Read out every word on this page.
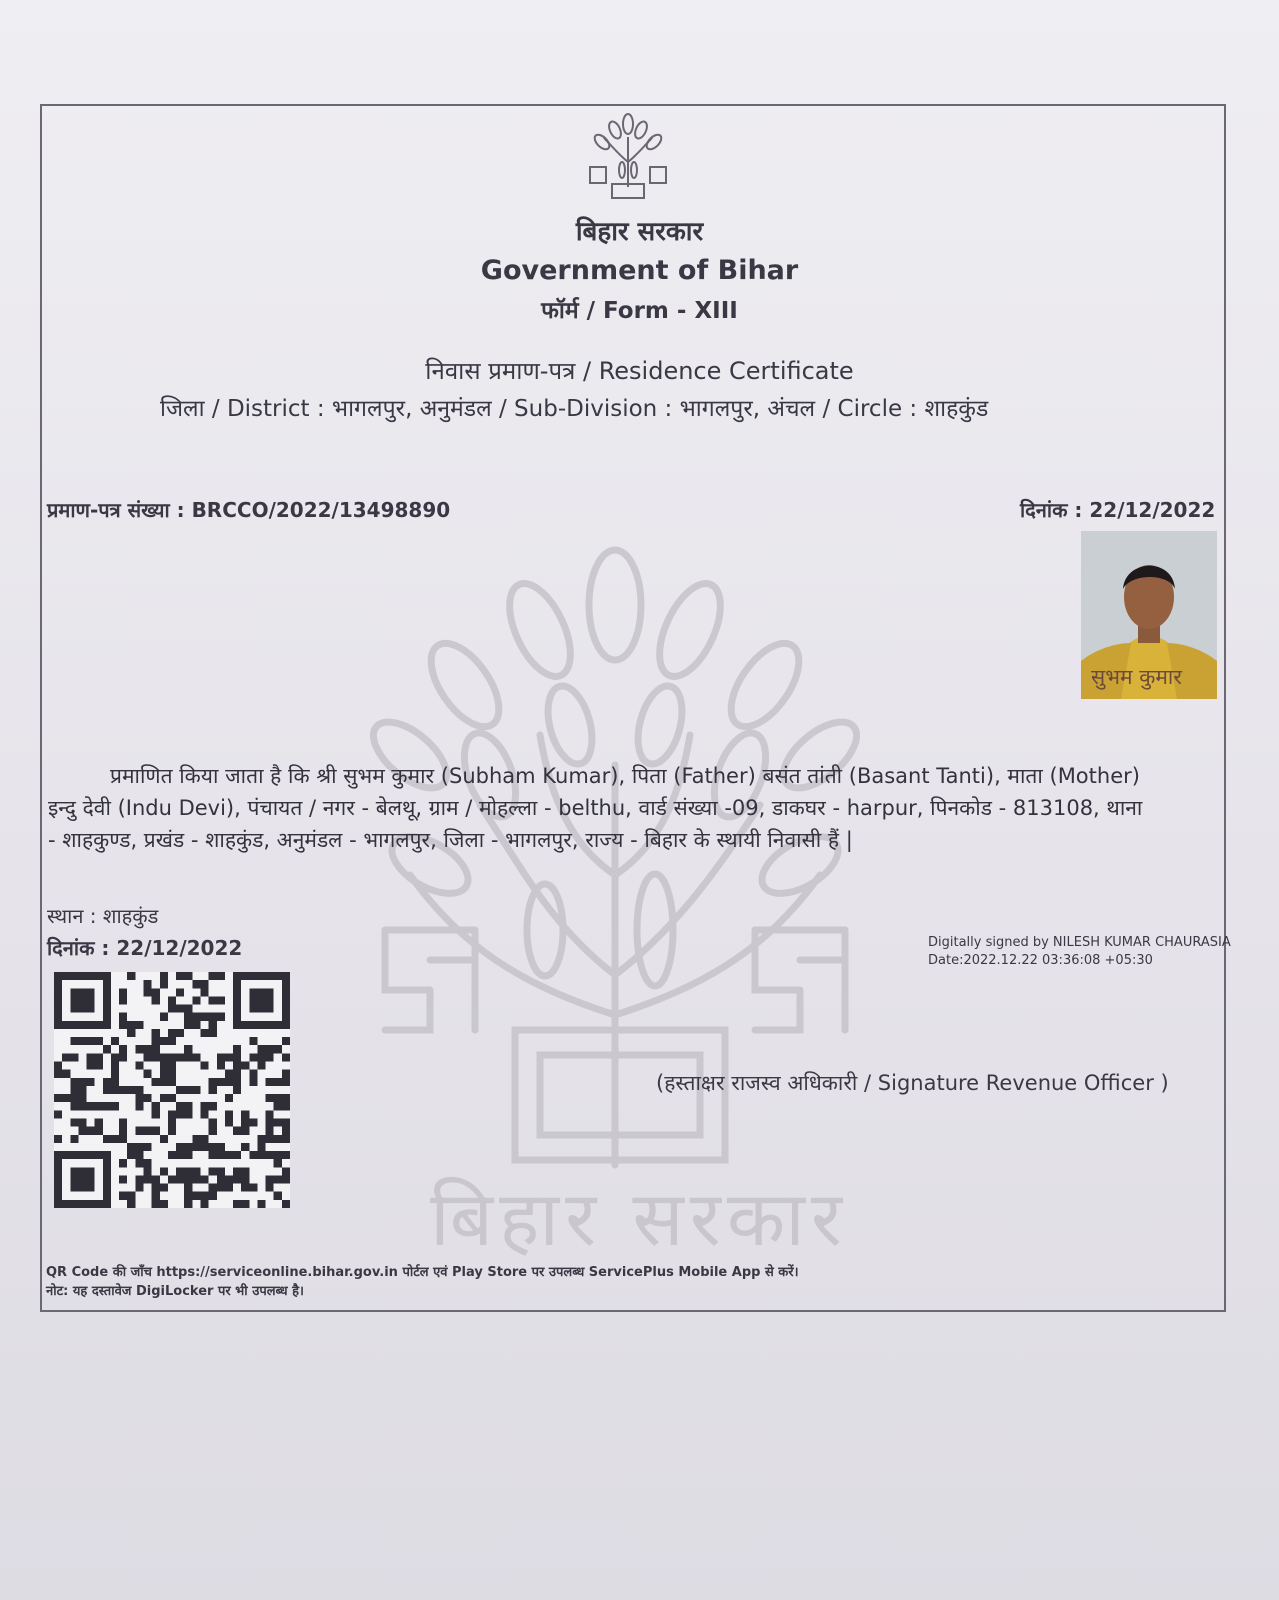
बिहार सरकार
बिहार सरकार
Government of Bihar
फॉर्म / Form - XIII
निवास प्रमाण-पत्र / Residence Certificate
जिला / District : भागलपुर, अनुमंडल / Sub-Division : भागलपुर, अंचल / Circle : शाहकुंड
प्रमाण-पत्र संख्या : BRCCO/2022/13498890	दिनांक : 22/12/2022
सुभम कुमार
प्रमाणित किया जाता है कि श्री सुभम कुमार (Subham Kumar), पिता (Father) बसंत तांती (Basant Tanti), माता (Mother)
इन्दु देवी (Indu Devi), पंचायत / नगर - बेलथू, ग्राम / मोहल्ला - belthu, वार्ड संख्या -09, डाकघर - harpur, पिनकोड - 813108, थाना
- शाहकुण्ड, प्रखंड - शाहकुंड, अनुमंडल - भागलपुर, जिला - भागलपुर, राज्य - बिहार के स्थायी निवासी हैं |
स्थान : शाहकुंड
दिनांक : 22/12/2022	Digitally signed by NILESH KUMAR CHAURASIA
Date:2022.12.22 03:36:08 +05:30
(हस्ताक्षर राजस्व अधिकारी / Signature Revenue Officer )
QR Code की जाँच https://serviceonline.bihar.gov.in पोर्टल एवं Play Store पर उपलब्ध ServicePlus Mobile App से करें।
नोट: यह दस्तावेज DigiLocker पर भी उपलब्ध है।
